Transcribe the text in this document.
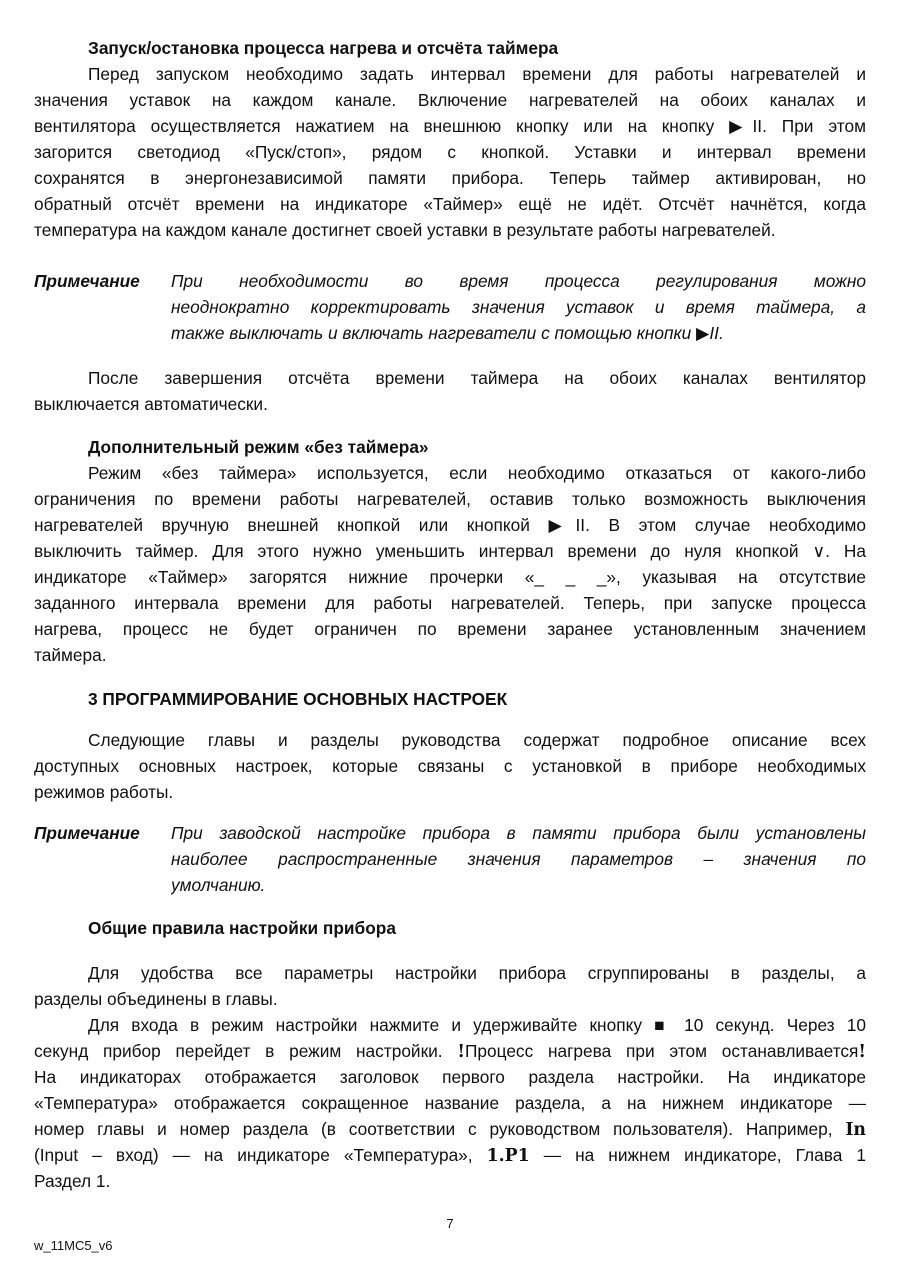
Запуск/остановка процесса нагрева и отсчёта таймера
Перед запуском необходимо задать интервал времени для работы нагревателей и
значения уставок на каждом канале. Включение нагревателей на обоих каналах и
вентилятора осуществляется нажатием на внешнюю кнопку или на кнопку ▶II. При этом
загорится светодиод «Пуск/стоп», рядом с кнопкой. Уставки и интервал времени
сохранятся в энергонезависимой памяти прибора. Теперь таймер активирован, но
обратный отсчёт времени на индикаторе «Таймер» ещё не идёт. Отсчёт начнётся, когда
температура на каждом канале достигнет своей уставки в результате работы нагревателей.
Примечание При необходимости во время процесса регулирования можно
неоднократно корректировать значения уставок и время таймера, а
также выключать и включать нагреватели с помощью кнопки ▶II.
После завершения отсчёта времени таймера на обоих каналах вентилятор
выключается автоматически.
Дополнительный режим «без таймера»
Режим «без таймера» используется, если необходимо отказаться от какого-либо
ограничения по времени работы нагревателей, оставив только возможность выключения
нагревателей вручную внешней кнопкой или кнопкой ▶II. В этом случае необходимо
выключить таймер. Для этого нужно уменьшить интервал времени до нуля кнопкой ∨. На
индикаторе «Таймер» загорятся нижние прочерки «_ _ _», указывая на отсутствие
заданного интервала времени для работы нагревателей. Теперь, при запуске процесса
нагрева, процесс не будет ограничен по времени заранее установленным значением
таймера.
3 ПРОГРАММИРОВАНИЕ ОСНОВНЫХ НАСТРОЕК
Следующие главы и разделы руководства содержат подробное описание всех
доступных основных настроек, которые связаны с установкой в приборе необходимых
режимов работы.
Примечание При заводской настройке прибора в памяти прибора были установлены
наиболее распространенные значения параметров – значения по
умолчанию.
Общие правила настройки прибора
Для удобства все параметры настройки прибора сгруппированы в разделы, а
разделы объединены в главы.
Для входа в режим настройки нажмите и удерживайте кнопку ■ 10 секунд. Через 10
секунд прибор перейдет в режим настройки. !Процесс нагрева при этом останавливается!
На индикаторах отображается заголовок первого раздела настройки. На индикаторе
«Температура» отображается сокращенное название раздела, а на нижнем индикаторе —
номер главы и номер раздела (в соответствии с руководством пользователя). Например, In
(Input – вход) — на индикаторе «Температура», 1.P1 — на нижнем индикаторе, Глава 1
Раздел 1.
7
w_11MC5_v6
